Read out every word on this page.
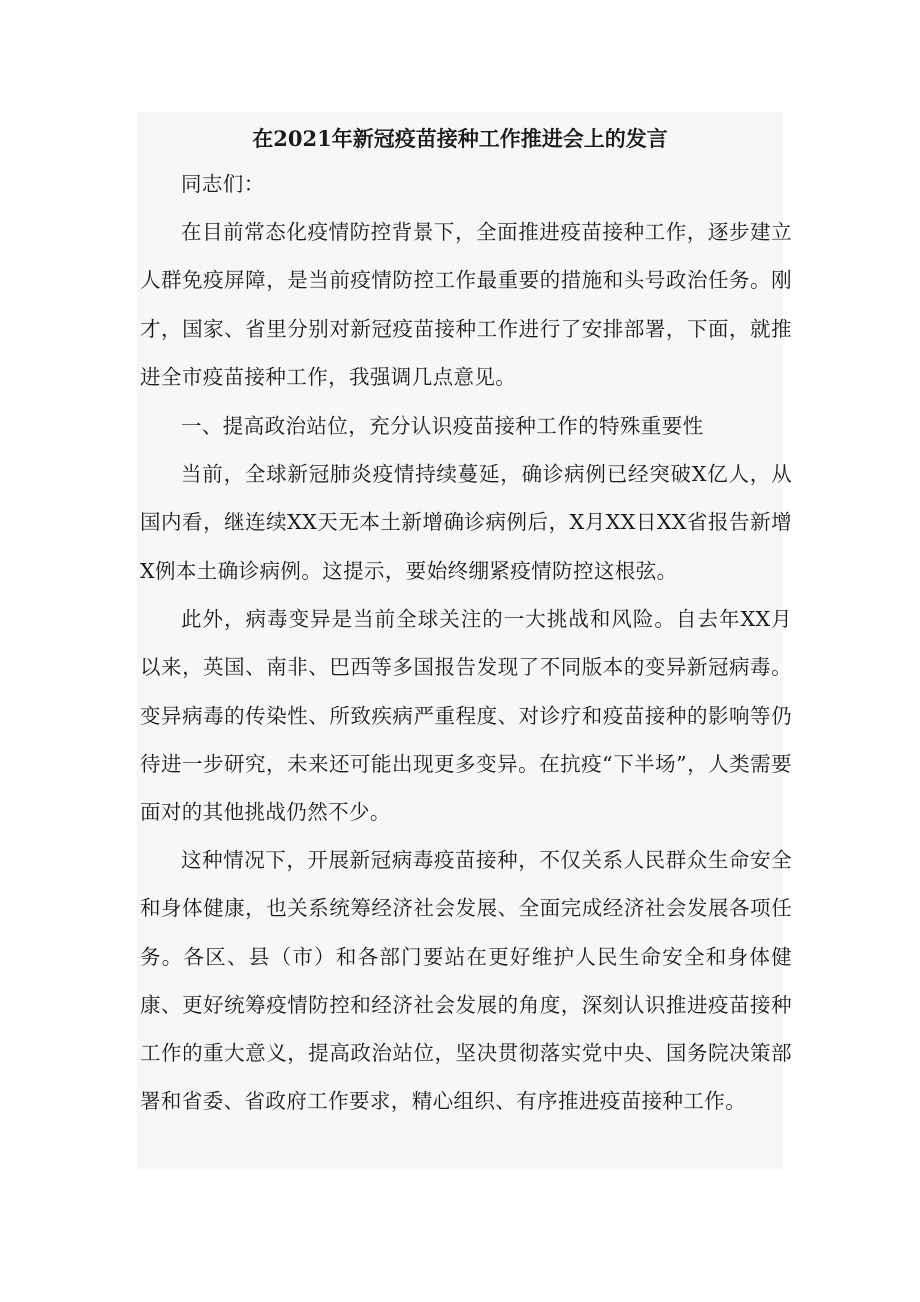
在2021年新冠疫苗接种工作推进会上的发言

同志们：

在目前常态化疫情防控背景下，全面推进疫苗接种工作，逐步建立人群免疫屏障，是当前疫情防控工作最重要的措施和头号政治任务。刚才，国家、省里分别对新冠疫苗接种工作进行了安排部署，下面，就推进全市疫苗接种工作，我强调几点意见。

一、提高政治站位，充分认识疫苗接种工作的特殊重要性

当前，全球新冠肺炎疫情持续蔓延，确诊病例已经突破X亿人，从国内看，继连续XX天无本土新增确诊病例后，X月XX日XX省报告新增X例本土确诊病例。这提示，要始终绷紧疫情防控这根弦。

此外，病毒变异是当前全球关注的一大挑战和风险。自去年XX月以来，英国、南非、巴西等多国报告发现了不同版本的变异新冠病毒。变异病毒的传染性、所致疾病严重程度、对诊疗和疫苗接种的影响等仍待进一步研究，未来还可能出现更多变异。在抗疫“下半场”，人类需要面对的其他挑战仍然不少。

这种情况下，开展新冠病毒疫苗接种，不仅关系人民群众生命安全和身体健康，也关系统筹经济社会发展、全面完成经济社会发展各项任务。各区、县（市）和各部门要站在更好维护人民生命安全和身体健康、更好统筹疫情防控和经济社会发展的角度，深刻认识推进疫苗接种工作的重大意义，提高政治站位，坚决贯彻落实党中央、国务院决策部署和省委、省政府工作要求，精心组织、有序推进疫苗接种工作。
